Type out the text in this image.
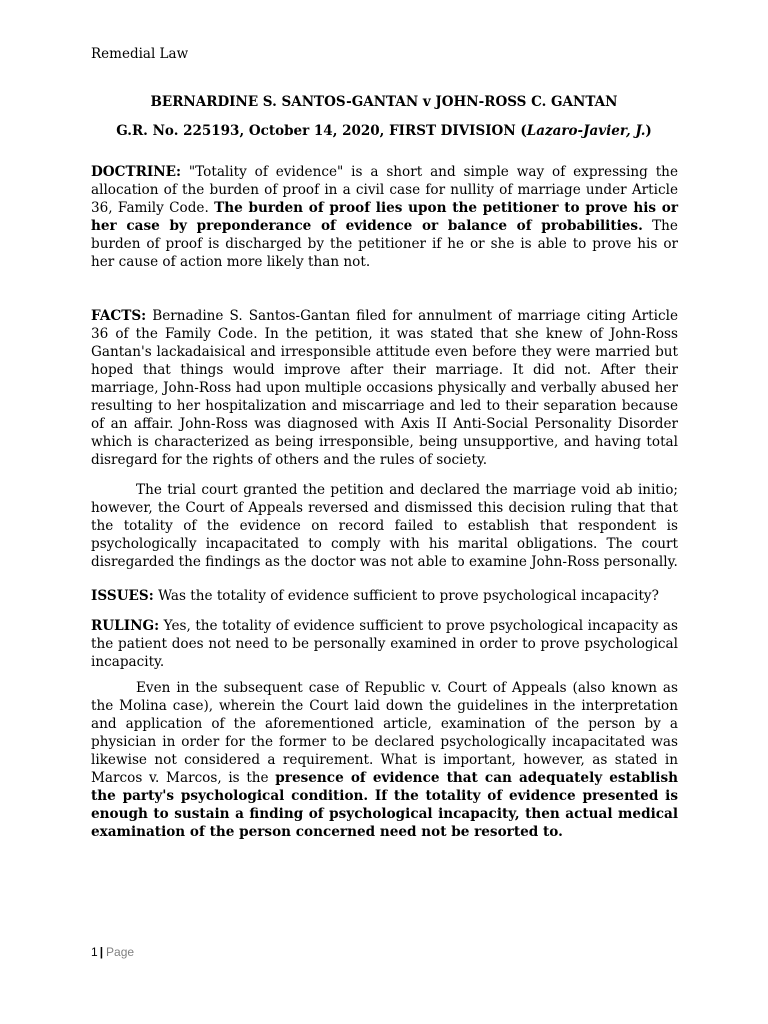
Remedial Law
BERNARDINE S. SANTOS-GANTAN v JOHN-ROSS C. GANTAN
G.R. No. 225193, October 14, 2020, FIRST DIVISION (Lazaro-Javier, J.)

DOCTRINE: "Totality of evidence" is a short and simple way of expressing the allocation of the burden of proof in a civil case for nullity of marriage under Article 36, Family Code. The burden of proof lies upon the petitioner to prove his or her case by preponderance of evidence or balance of probabilities. The burden of proof is discharged by the petitioner if he or she is able to prove his or her cause of action more likely than not.

FACTS: Bernadine S. Santos-Gantan filed for annulment of marriage citing Article 36 of the Family Code. In the petition, it was stated that she knew of John-Ross Gantan's lackadaisical and irresponsible attitude even before they were married but hoped that things would improve after their marriage. It did not. After their marriage, John-Ross had upon multiple occasions physically and verbally abused her resulting to her hospitalization and miscarriage and led to their separation because of an affair. John-Ross was diagnosed with Axis II Anti-Social Personality Disorder which is characterized as being irresponsible, being unsupportive, and having total disregard for the rights of others and the rules of society.

The trial court granted the petition and declared the marriage void ab initio; however, the Court of Appeals reversed and dismissed this decision ruling that that the totality of the evidence on record failed to establish that respondent is psychologically incapacitated to comply with his marital obligations. The court disregarded the findings as the doctor was not able to examine John-Ross personally.

ISSUES: Was the totality of evidence sufficient to prove psychological incapacity?

RULING: Yes, the totality of evidence sufficient to prove psychological incapacity as the patient does not need to be personally examined in order to prove psychological incapacity.

Even in the subsequent case of Republic v. Court of Appeals (also known as the Molina case), wherein the Court laid down the guidelines in the interpretation and application of the aforementioned article, examination of the person by a physician in order for the former to be declared psychologically incapacitated was likewise not considered a requirement. What is important, however, as stated in Marcos v. Marcos, is the presence of evidence that can adequately establish the party's psychological condition. If the totality of evidence presented is enough to sustain a finding of psychological incapacity, then actual medical examination of the person concerned need not be resorted to.

1 | Page
